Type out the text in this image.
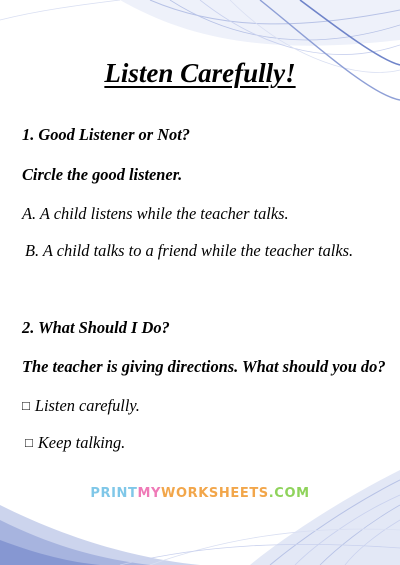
Listen Carefully!
1. Good Listener or Not?
Circle the good listener.
A. A child listens while the teacher talks.
B. A child talks to a friend while the teacher talks.
2. What Should I Do?
The teacher is giving directions. What should you do?
□ Listen carefully.
□ Keep talking.
PRINTMYWORKSHEETS.COM
